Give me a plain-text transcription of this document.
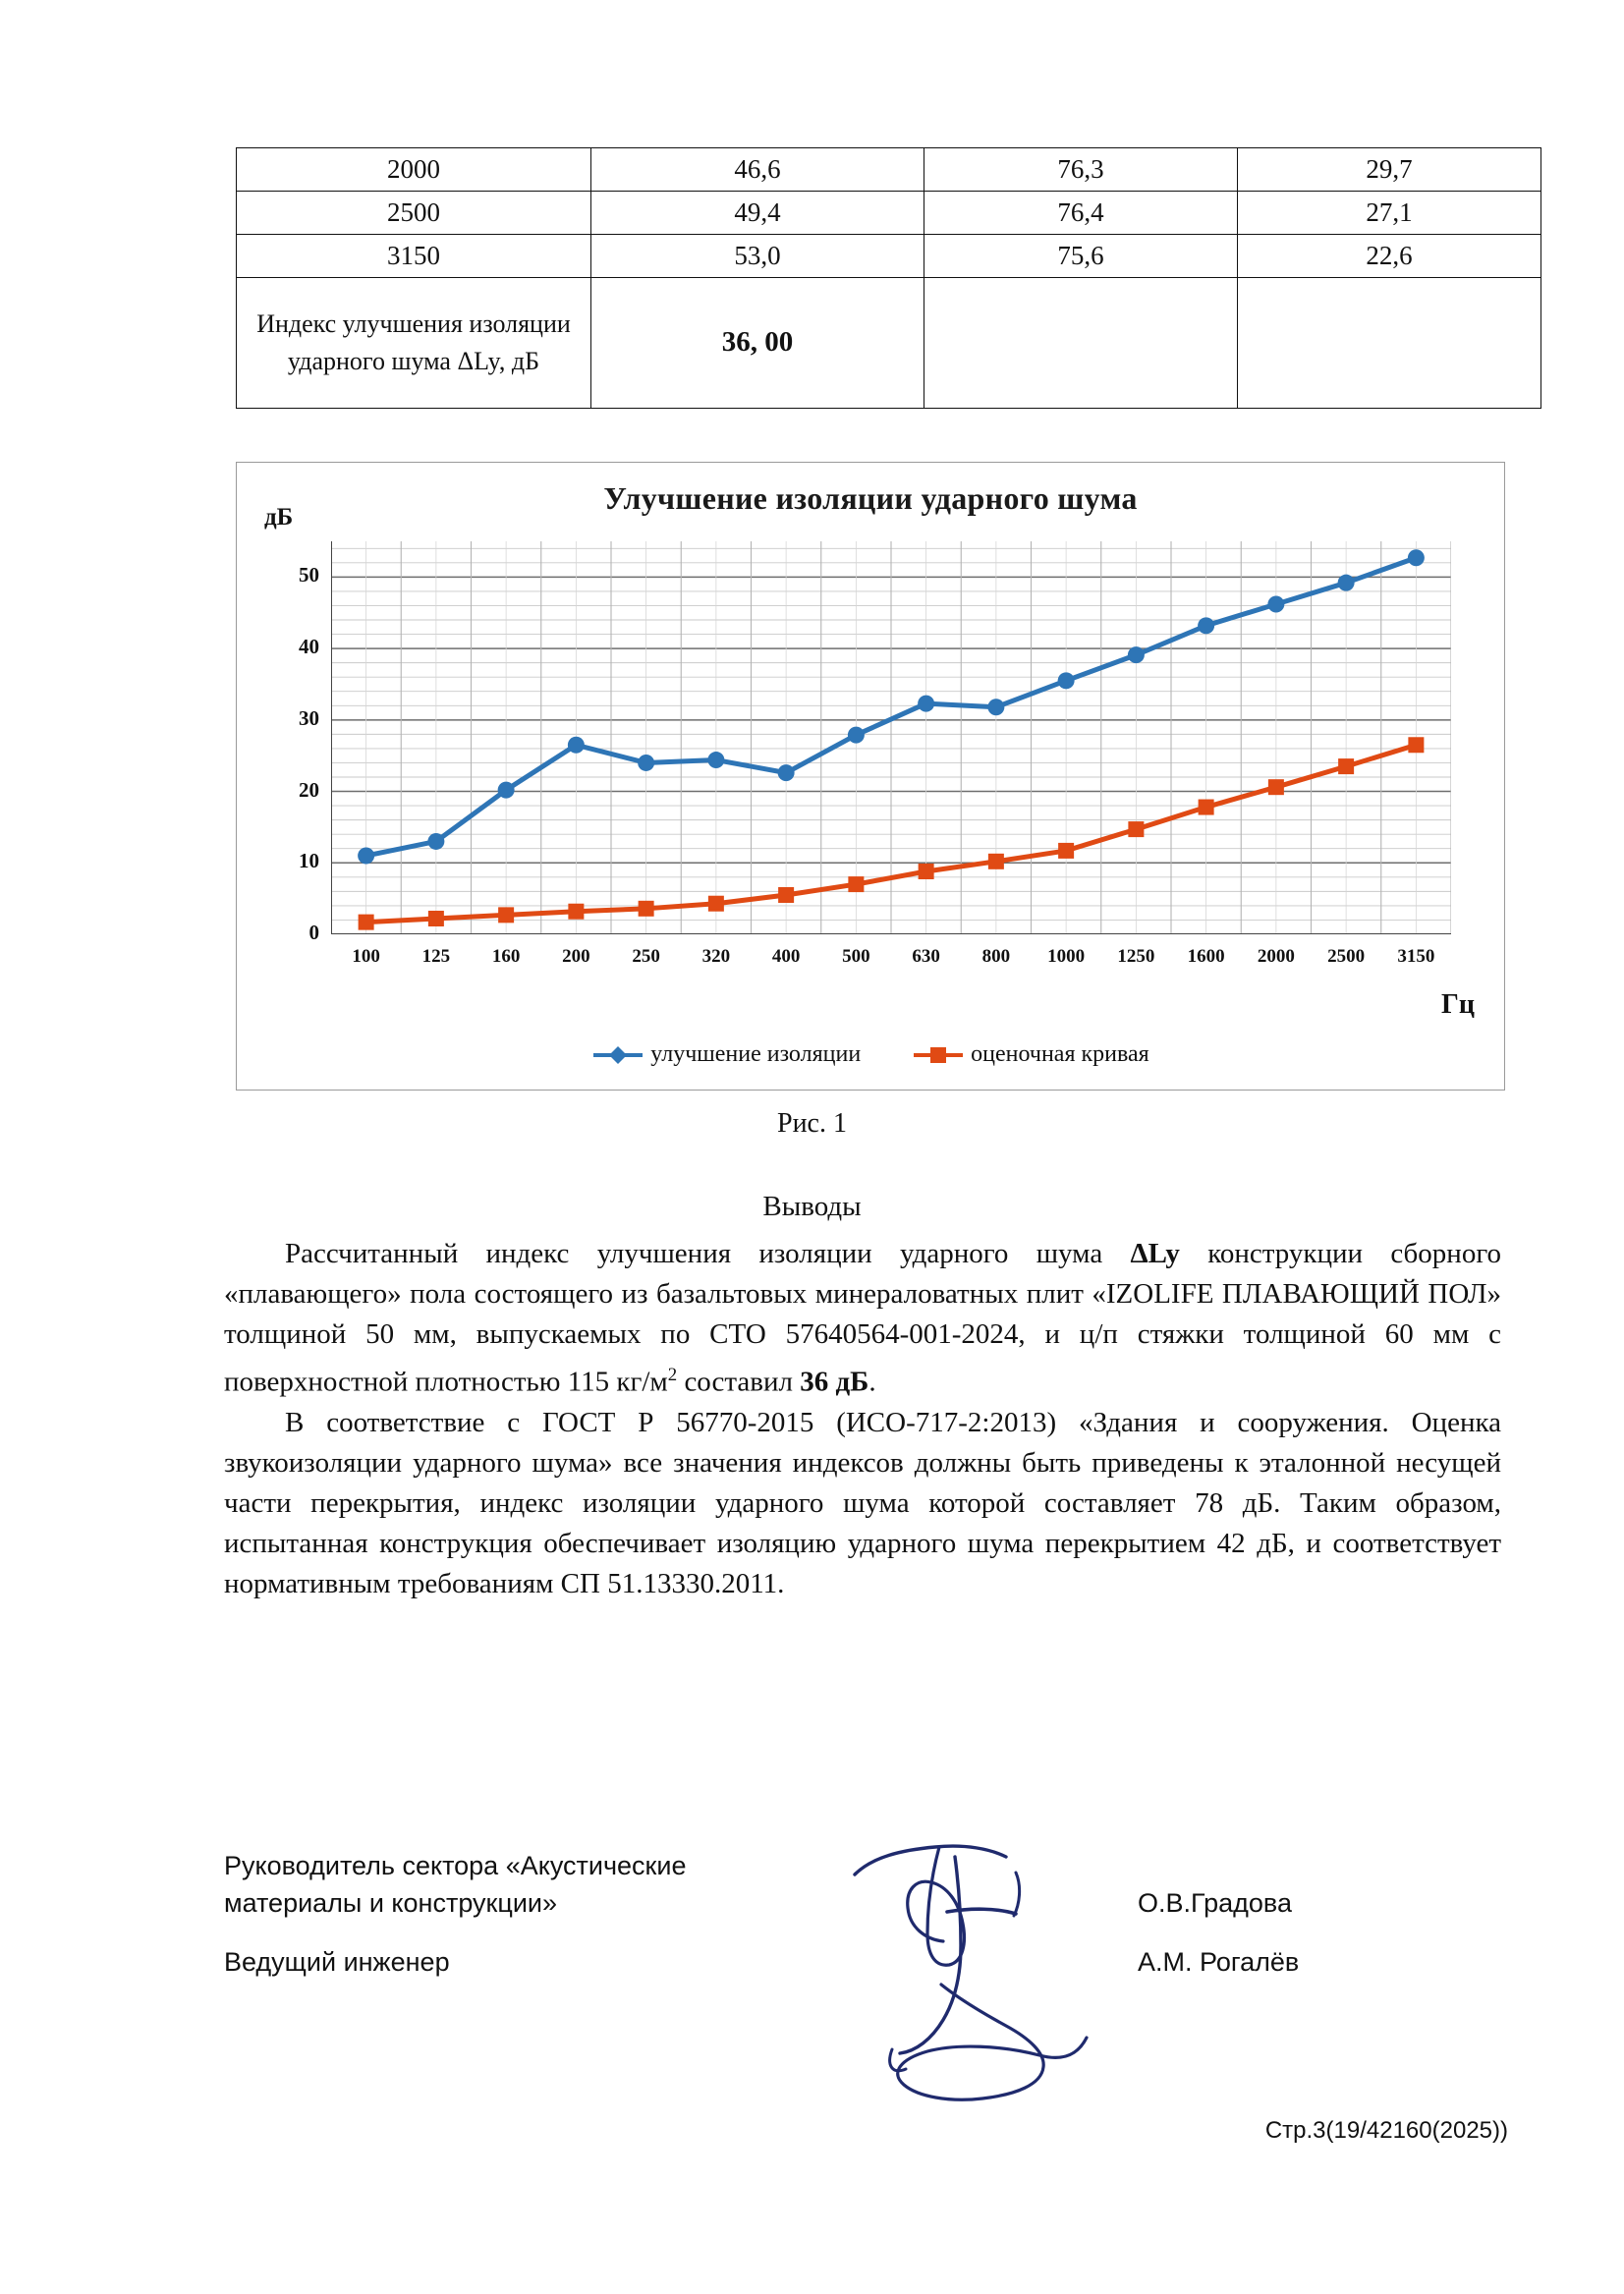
2000	46,6	76,3	29,7
2500	49,4	76,4	27,1
3150	53,0	75,6	22,6
Индекс улучшения изоляции ударного шума ΔLy, дБ	36, 00		
Улучшение изоляции ударного шума
дБ
Гц
0
10
20
30
40
50
100 125 160 200 250 320 400 500 630 800 1000 1250 1600 2000 2500 3150
улучшение изоляции	оценочная кривая
Рис. 1
Выводы

Рассчитанный индекс улучшения изоляции ударного шума ΔLy конструкции сборного «плавающего» пола состоящего из базальтовых минераловатных плит «IZOLIFE ПЛАВАЮЩИЙ ПОЛ» толщиной 50 мм, выпускаемых по СТО 57640564-001-2024, и ц/п стяжки толщиной 60 мм с поверхностной плотностью 115 $кг/м^2$ составил 36 дБ.

В соответствие с ГОСТ Р 56770-2015 (ИСО-717-2:2013) «Здания и сооружения. Оценка звукоизоляции ударного шума» все значения индексов должны быть приведены к эталонной несущей части перекрытия, индекс изоляции ударного шума которой составляет 78 дБ. Таким образом, испытанная конструкция обеспечивает изоляцию ударного шума перекрытием 42 дБ, и соответствует нормативным требованиям СП 51.13330.2011.

Руководитель сектора «Акустические
материалы и конструкции»
Ведущий инженер
О.В.Градова
А.М. Рогалёв
Стр.3(19/42160(2025))
